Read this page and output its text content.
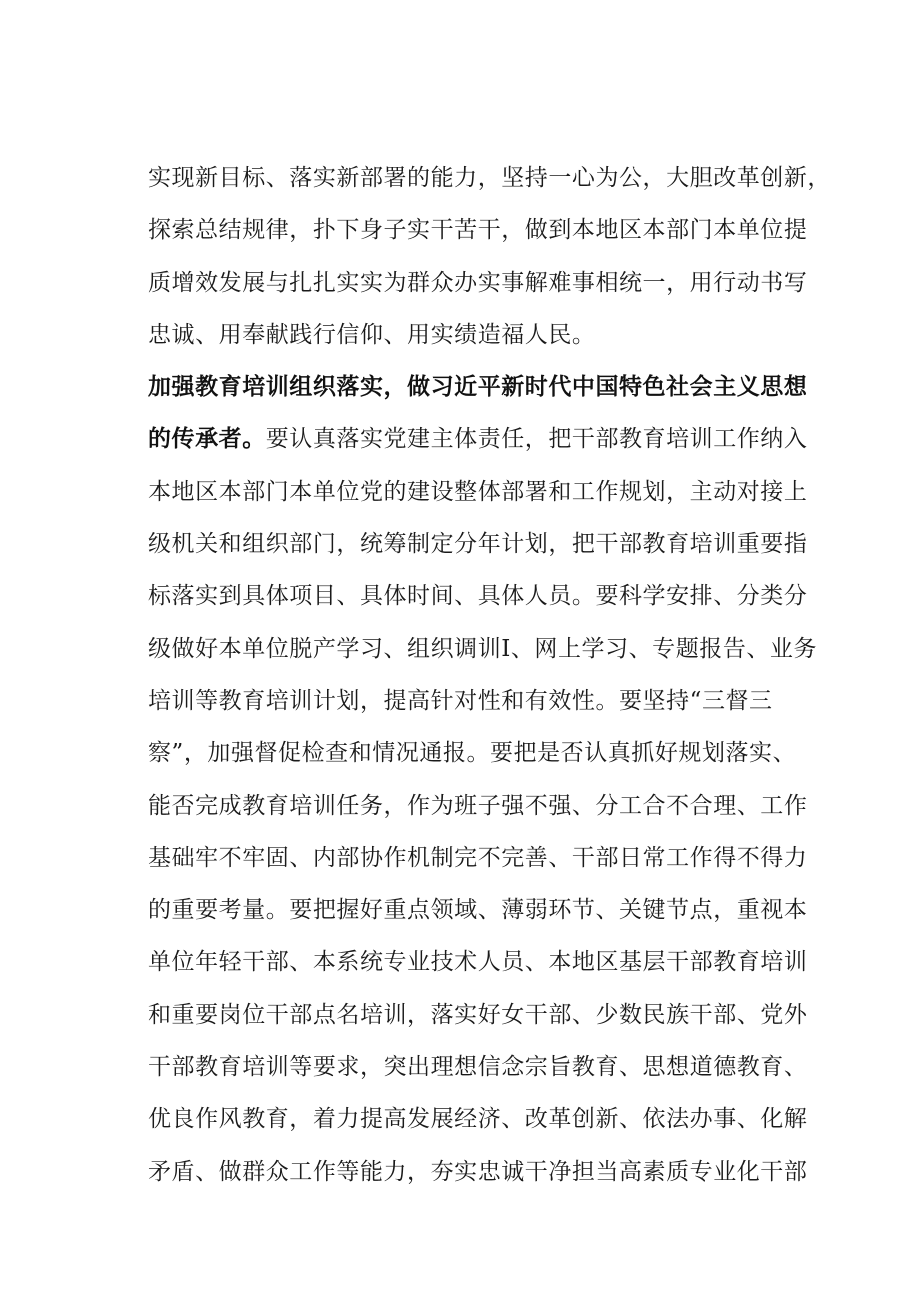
实现新目标、落实新部署的能力，坚持一心为公，大胆改革创新，
探索总结规律，扑下身子实干苦干，做到本地区本部门本单位提
质增效发展与扎扎实实为群众办实事解难事相统一，用行动书写
忠诚、用奉献践行信仰、用实绩造福人民。
加强教育培训组织落实，做习近平新时代中国特色社会主义思想
的传承者。要认真落实党建主体责任，把干部教育培训工作纳入
本地区本部门本单位党的建设整体部署和工作规划，主动对接上
级机关和组织部门，统筹制定分年计划，把干部教育培训重要指
标落实到具体项目、具体时间、具体人员。要科学安排、分类分
级做好本单位脱产学习、组织调训I、网上学习、专题报告、业务
培训等教育培训计划，提高针对性和有效性。要坚持“三督三
察”，加强督促检查和情况通报。要把是否认真抓好规划落实、
能否完成教育培训任务，作为班子强不强、分工合不合理、工作
基础牢不牢固、内部协作机制完不完善、干部日常工作得不得力
的重要考量。要把握好重点领域、薄弱环节、关键节点，重视本
单位年轻干部、本系统专业技术人员、本地区基层干部教育培训
和重要岗位干部点名培训，落实好女干部、少数民族干部、党外
干部教育培训等要求，突出理想信念宗旨教育、思想道德教育、
优良作风教育，着力提高发展经济、改革创新、依法办事、化解
矛盾、做群众工作等能力，夯实忠诚干净担当高素质专业化干部
